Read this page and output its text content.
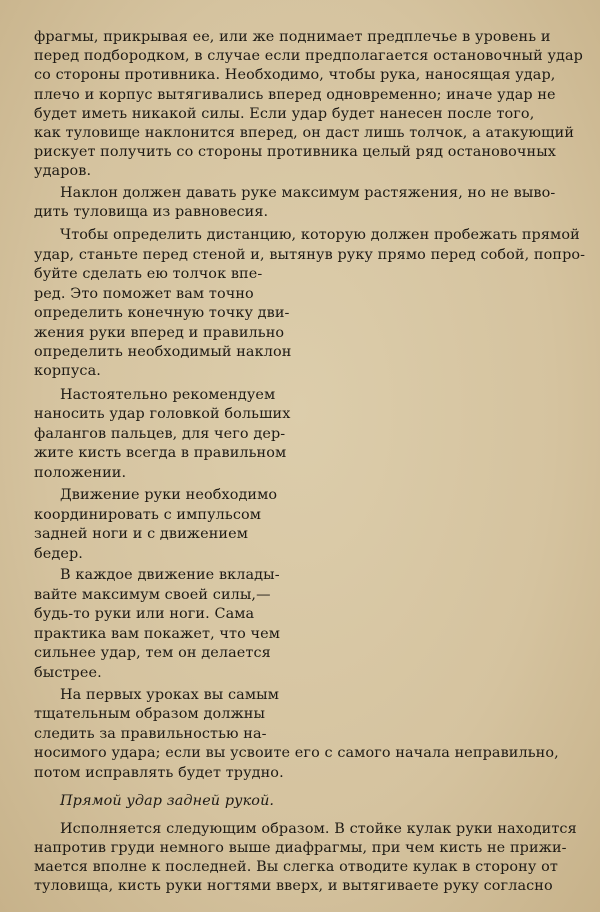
фрагмы, прикрывая ее, или же поднимает предплечье в уровень и
перед подбородком, в случае если предполагается остановочный удар
со стороны противника. Необходимо, чтобы рука, наносящая удар,
плечо и корпус вытягивались вперед одновременно; иначе удар не
будет иметь никакой силы. Если удар будет нанесен после того,
как туловище наклонится вперед, он даст лишь толчок, а атакующий
рискует получить со стороны противника целый ряд остановочных
ударов.
Наклон должен давать руке максимум растяжения, но не выво-
дить туловища из равновесия.
Чтобы определить дистанцию, которую должен пробежать прямой
удар, станьте перед стеной и, вытянув руку прямо перед собой, попро-
буйте сделать ею толчок впе-
ред. Это поможет вам точно
определить конечную точку дви-
жения руки вперед и правильно
определить необходимый наклон
корпуса.
Настоятельно рекомендуем
наносить удар головкой больших
фалангов пальцев, для чего дер-
жите кисть всегда в правильном
положении.
Движение руки необходимо
координировать с импульсом
задней ноги и с движением
бедер.
В каждое движение вклады-
вайте максимум своей силы,—
будь-то руки или ноги. Сама
практика вам покажет, что чем
сильнее удар, тем он делается
быстрее.
На первых уроках вы самым
тщательным образом должны
следить за правильностью на-
носимого удара; если вы усвоите его с самого начала неправильно,
потом исправлять будет трудно.
Прямой удар задней рукой.
Исполняется следующим образом. В стойке кулак руки находится
напротив груди немного выше диафрагмы, при чем кисть не прижи-
мается вполне к последней. Вы слегка отводите кулак в сторону от
туловища, кисть руки ногтями вверх, и вытягиваете руку согласно
